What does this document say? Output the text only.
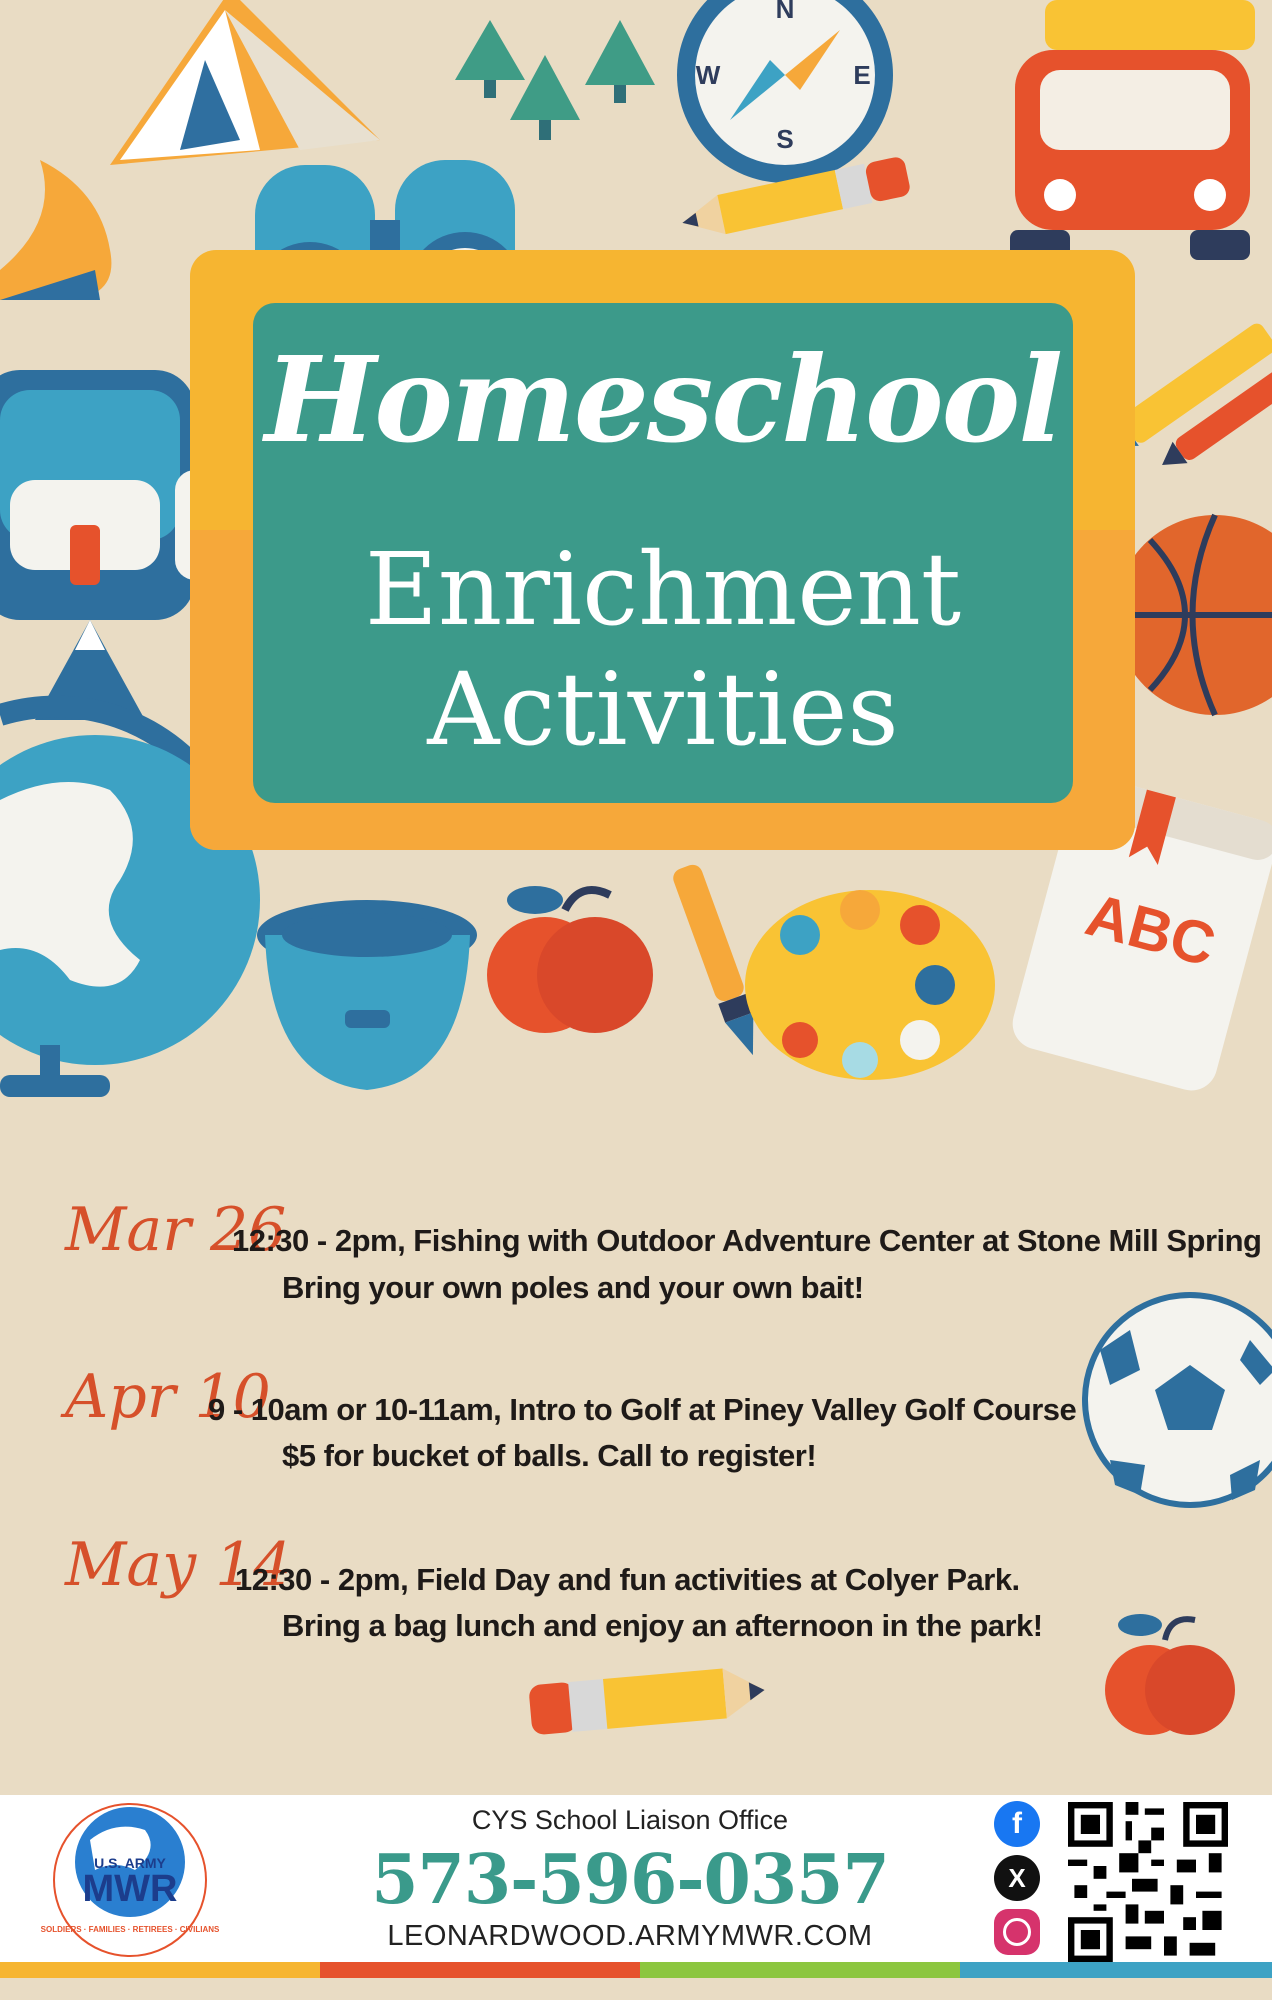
N
S
E
W
ABC
Homeschool
Enrichment
Activities
Mar 26
12:30 - 2pm, Fishing with Outdoor Adventure Center at Stone Mill Spring
Bring your own poles and your own bait!
Apr 10
9 - 10am or 10-11am, Intro to Golf at Piney Valley Golf Course
$5 for bucket of balls. Call to register!
May 14
12:30 - 2pm, Field Day and fun activities at Colyer Park.
Bring a bag lunch and enjoy an afternoon in the park!
U.S. ARMY
MWR
SOLDIERS · FAMILIES · RETIREES · CIVILIANS
CYS School Liaison Office
573-596-0357
LEONARDWOOD.ARMYMWR.COM
f
X
